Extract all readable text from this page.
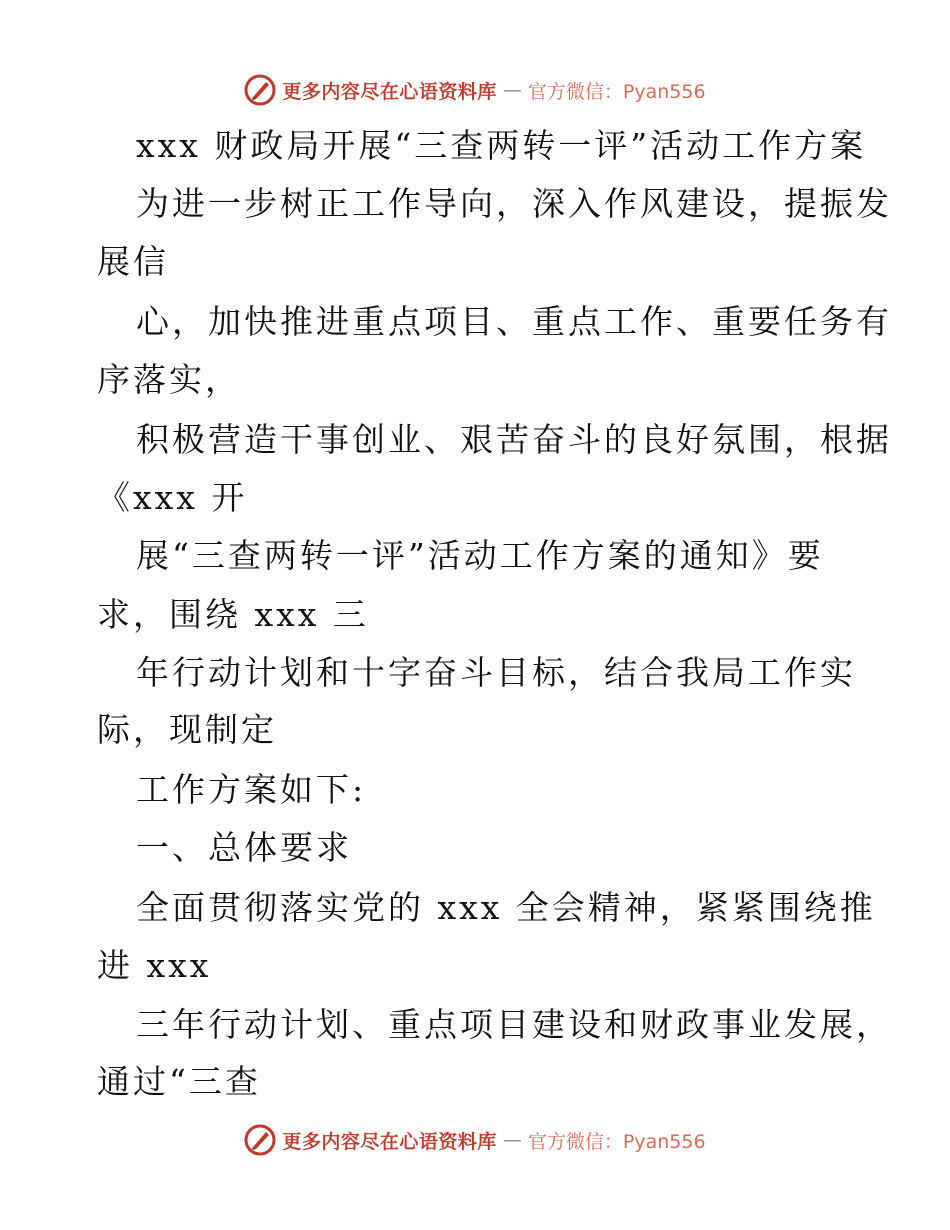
更多内容尽在心语资料库 — 官方微信：Pyan556
xxx 财政局开展“三查两转一评”活动工作方案
为进一步树正工作导向，深入作风建设，提振发
展信
心，加快推进重点项目、重点工作、重要任务有
序落实，
积极营造干事创业、艰苦奋斗的良好氛围，根据
《xxx 开
展“三查两转一评”活动工作方案的通知》要
求，围绕 xxx 三
年行动计划和十字奋斗目标，结合我局工作实
际，现制定
工作方案如下:
一、总体要求
全面贯彻落实党的 xxx 全会精神，紧紧围绕推
进 xxx
三年行动计划、重点项目建设和财政事业发展，
通过“三查
更多内容尽在心语资料库 — 官方微信：Pyan556
